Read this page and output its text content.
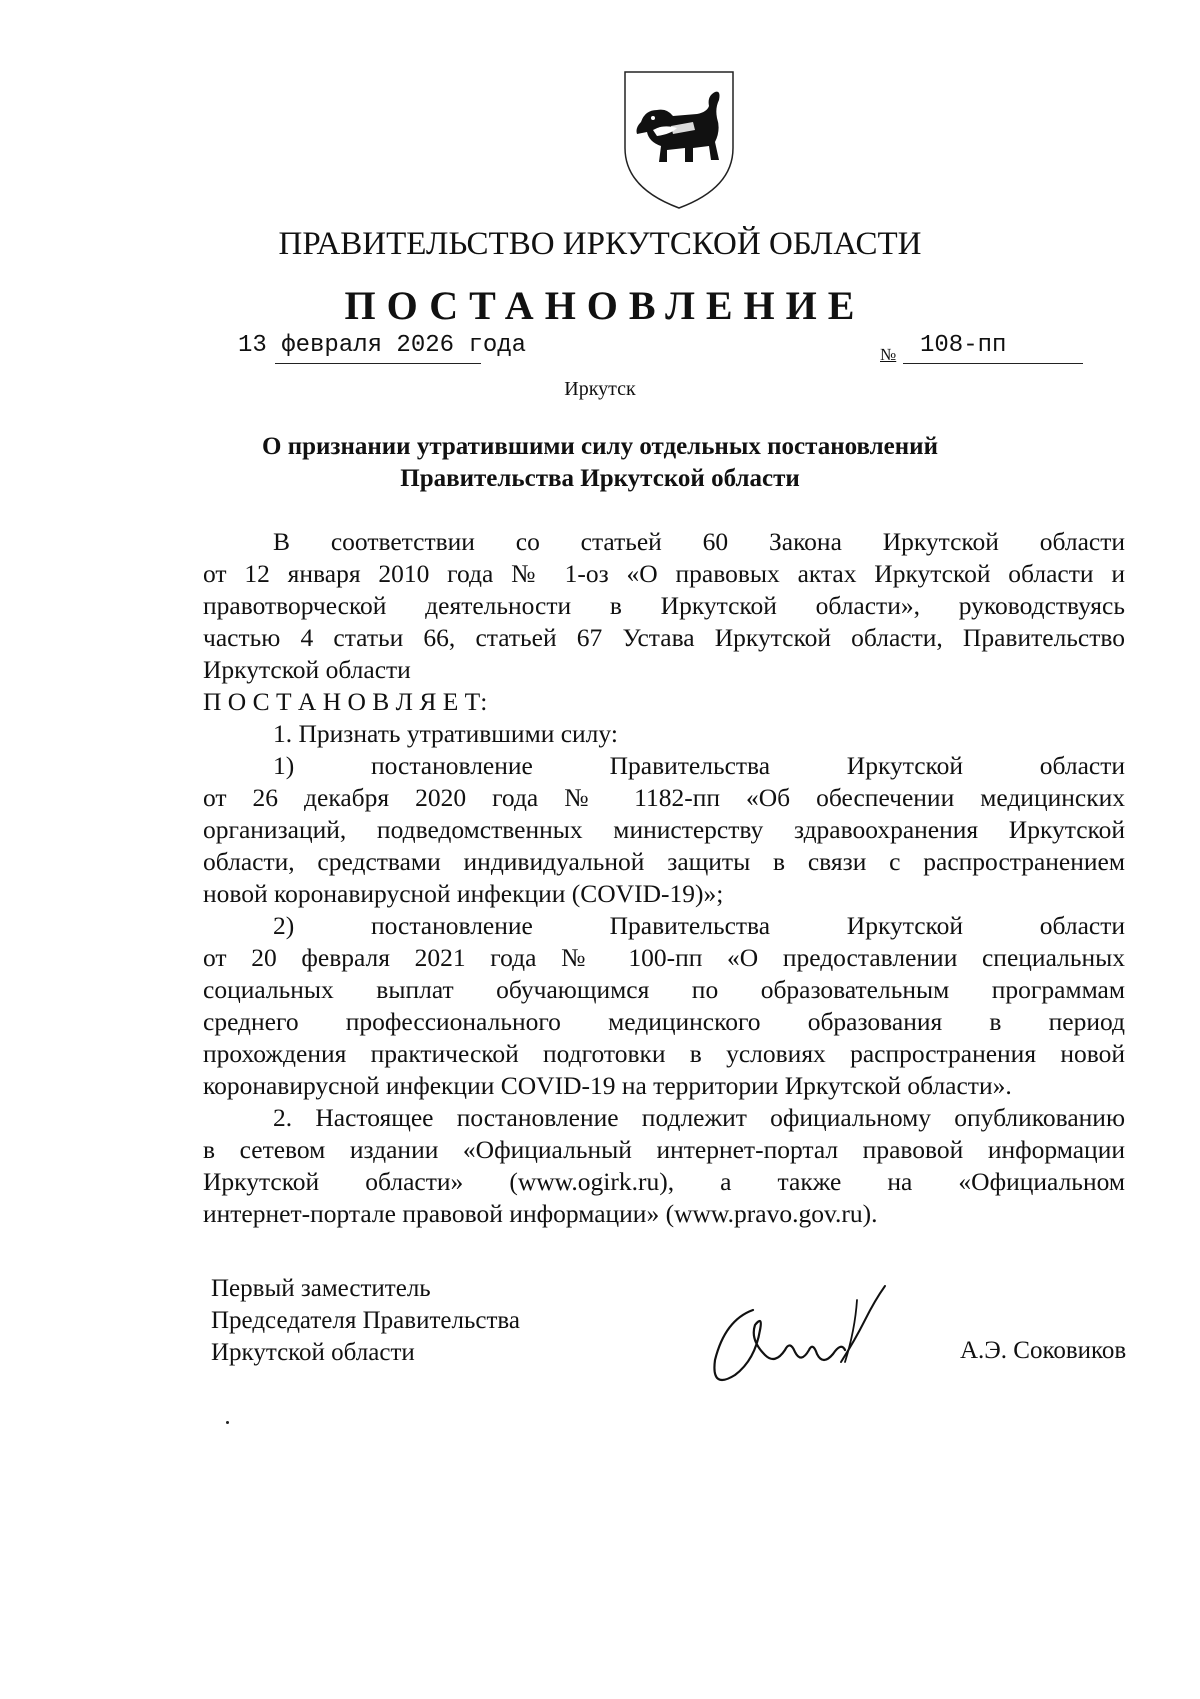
ПРАВИТЕЛЬСТВО ИРКУТСКОЙ ОБЛАСТИ
ПОСТАНОВЛЕНИЕ
13 февраля 2026 года	№ 108-пп
Иркутск
О признании утратившими силу отдельных постановлений
Правительства Иркутской области
В соответствии со статьей 60 Закона Иркутской области
от 12 января 2010 года № 1-оз «О правовых актах Иркутской области и
правотворческой деятельности в Иркутской области», руководствуясь
частью 4 статьи 66, статьей 67 Устава Иркутской области, Правительство
Иркутской области
П О С Т А Н О В Л Я Е Т:
1. Признать утратившими силу:
1) постановление Правительства Иркутской области
от 26 декабря 2020 года № 1182-пп «Об обеспечении медицинских
организаций, подведомственных министерству здравоохранения Иркутской
области, средствами индивидуальной защиты в связи с распространением
новой коронавирусной инфекции (COVID-19)»;
2) постановление Правительства Иркутской области
от 20 февраля 2021 года № 100-пп «О предоставлении специальных
социальных выплат обучающимся по образовательным программам
среднего профессионального медицинского образования в период
прохождения практической подготовки в условиях распространения новой
коронавирусной инфекции COVID-19 на территории Иркутской области».
2. Настоящее постановление подлежит официальному опубликованию
в сетевом издании «Официальный интернет-портал правовой информации
Иркутской области» (www.ogirk.ru), а также на «Официальном
интернет-портале правовой информации» (www.pravo.gov.ru).
Первый заместитель
Председателя Правительства
Иркутской области	А.Э. Соковиков
